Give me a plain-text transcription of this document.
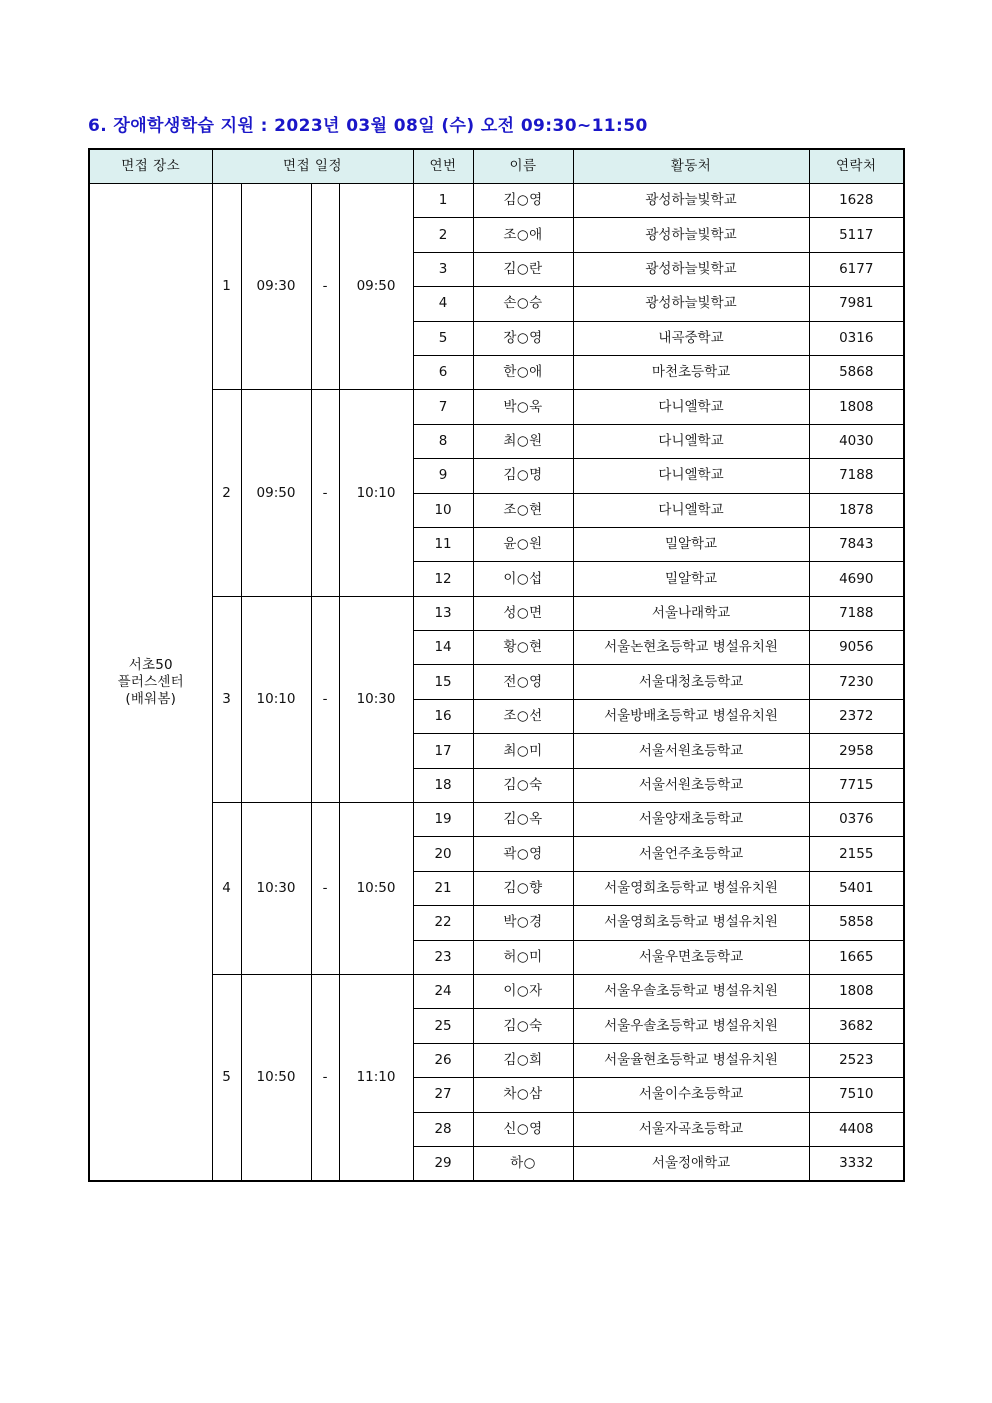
6. 장애학생학습 지원 : 2023년 03월 08일 (수) 오전 09:30~11:50
면접 장소	면접 일정				연번	이름	활동처	연락처
서초50
플러스센터
(배워봄)	1	09:30	-	09:50	1	김○영	광성하늘빛학교	1628
					2	조○애	광성하늘빛학교	5117
					3	김○란	광성하늘빛학교	6177
					4	손○승	광성하늘빛학교	7981
					5	장○영	내곡중학교	0316
					6	한○애	마천초등학교	5868
	2	09:50	-	10:10	7	박○욱	다니엘학교	1808
					8	최○원	다니엘학교	4030
					9	김○명	다니엘학교	7188
					10	조○현	다니엘학교	1878
					11	윤○원	밀알학교	7843
					12	이○섭	밀알학교	4690
	3	10:10	-	10:30	13	성○면	서울나래학교	7188
					14	황○현	서울논현초등학교 병설유치원	9056
					15	전○영	서울대청초등학교	7230
					16	조○선	서울방배초등학교 병설유치원	2372
					17	최○미	서울서원초등학교	2958
					18	김○숙	서울서원초등학교	7715
	4	10:30	-	10:50	19	김○옥	서울양재초등학교	0376
					20	곽○영	서울언주초등학교	2155
					21	김○향	서울영희초등학교 병설유치원	5401
					22	박○경	서울영희초등학교 병설유치원	5858
					23	허○미	서울우면초등학교	1665
	5	10:50	-	11:10	24	이○자	서울우솔초등학교 병설유치원	1808
					25	김○숙	서울우솔초등학교 병설유치원	3682
					26	김○희	서울율현초등학교 병설유치원	2523
					27	차○삼	서울이수초등학교	7510
					28	신○영	서울자곡초등학교	4408
					29	하○	서울정애학교	3332
